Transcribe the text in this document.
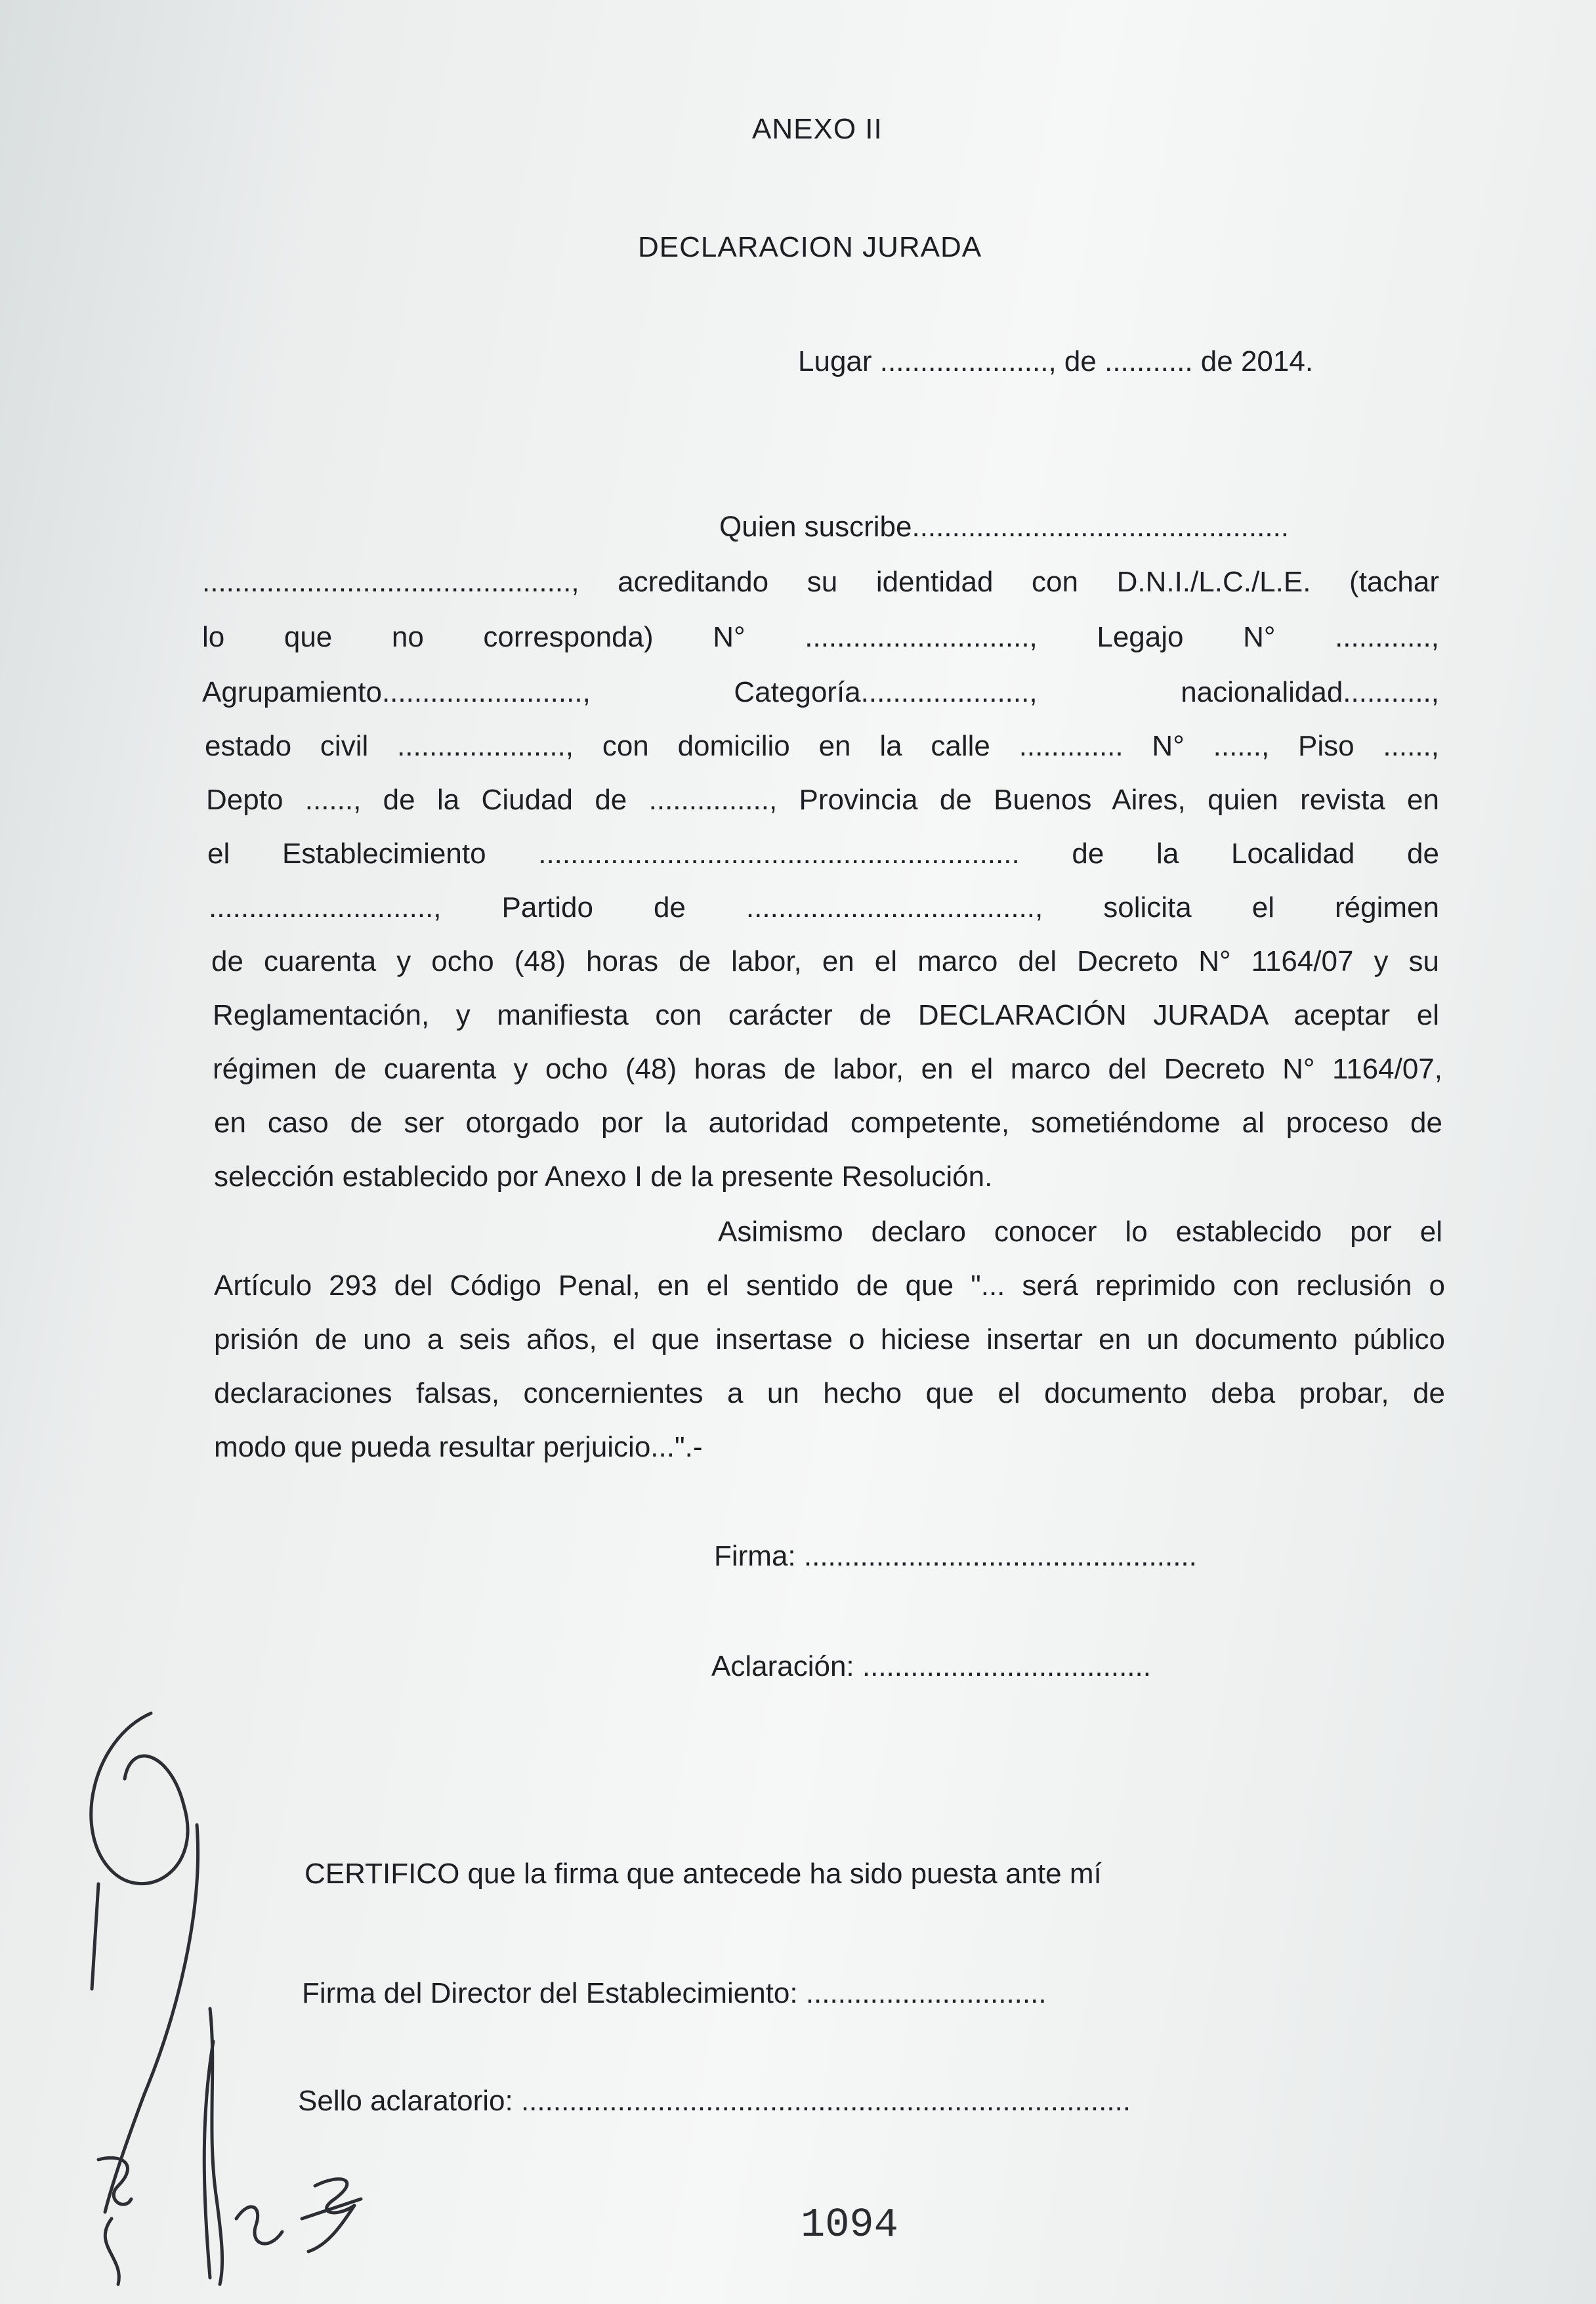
ANEXO II
DECLARACION JURADA
Lugar ....................., de ........... de 2014.
Quien suscribe...............................................
.............................................., acreditando su identidad con D.N.I./L.C./L.E. (tachar
lo que no corresponda) N° ............................, Legajo N° ............,
Agrupamiento........................., Categoría....................., nacionalidad...........,
estado civil ....................., con domicilio en la calle ............. N° ......, Piso ......,
Depto ......, de la Ciudad de ..............., Provincia de Buenos Aires, quien revista en
el Establecimiento ............................................................ de la Localidad de
............................, Partido de ...................................., solicita el régimen
de cuarenta y ocho (48) horas de labor, en el marco del Decreto N° 1164/07 y su
Reglamentación, y manifiesta con carácter de DECLARACIÓN JURADA aceptar el
régimen de cuarenta y ocho (48) horas de labor, en el marco del Decreto N° 1164/07,
en caso de ser otorgado por la autoridad competente, sometiéndome al proceso de
selección establecido por Anexo I de la presente Resolución.
Asimismo declaro conocer lo establecido por el
Artículo 293 del Código Penal, en el sentido de que "... será reprimido con reclusión o
prisión de uno a seis años, el que insertase o hiciese insertar en un documento público
declaraciones falsas, concernientes a un hecho que el documento deba probar, de
modo que pueda resultar perjuicio...".-
Firma: .................................................
Aclaración: ....................................
CERTIFICO que la firma que antecede ha sido puesta ante mí
Firma del Director del Establecimiento: ..............................
Sello aclaratorio: ............................................................................
1094
